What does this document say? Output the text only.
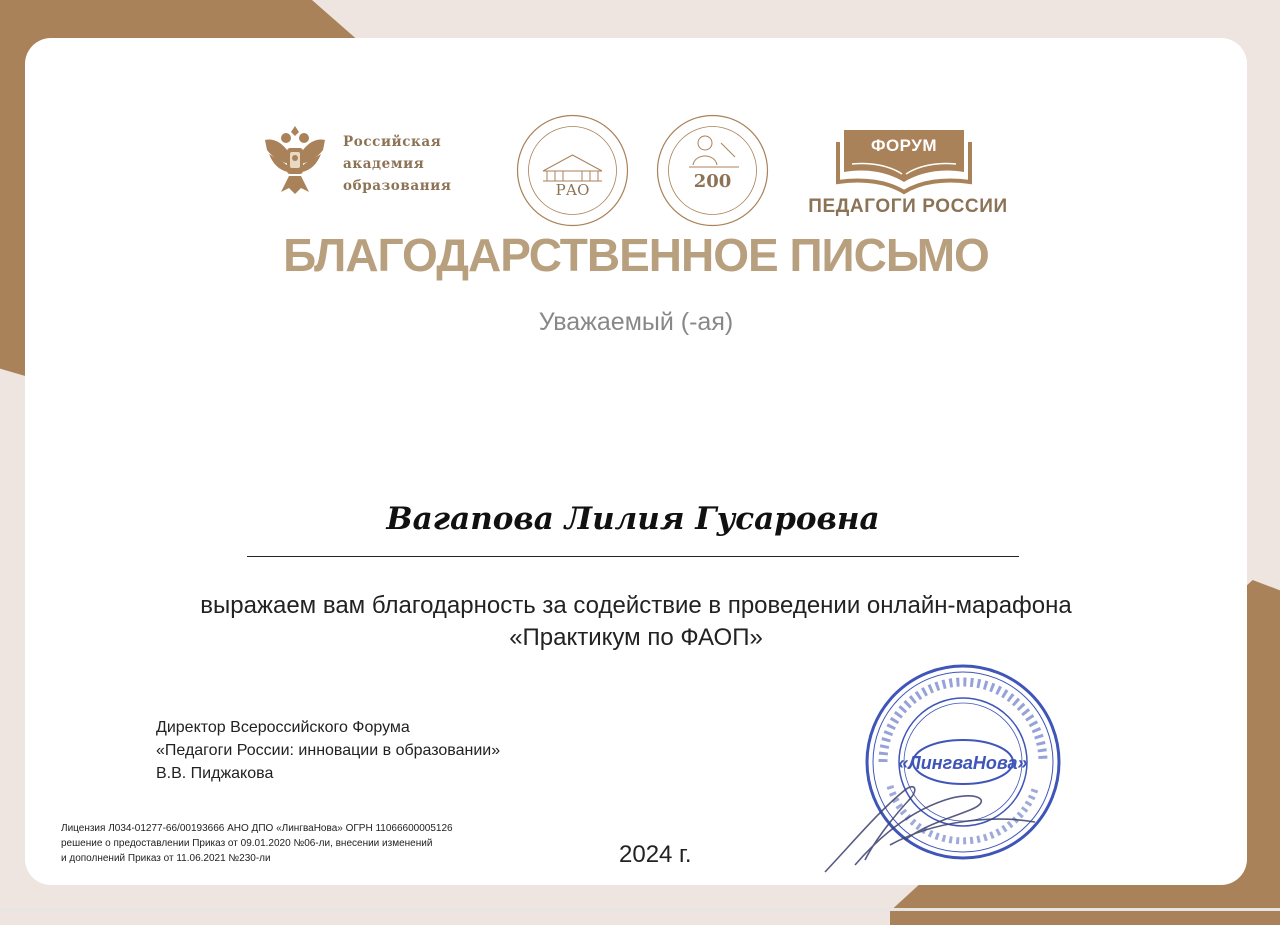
Российская
академия
образования	РАО	200
ФОРУМ
ПЕДАГОГИ РОССИИ
БЛАГОДАРСТВЕННОЕ ПИСЬМО
Уважаемый (-ая)
Вагапова Лилия Гусаровна
выражаем вам благодарность за содействие в проведении онлайн-марафона
«Практикум по ФАОП»
Директор Всероссийского Форума
«Педагоги России: инновации в образовании»
В.В. Пиджакова
Лицензия Л034-01277-66/00193666 АНО ДПО «ЛингваНова» ОГРН 11066600005126
решение о предоставлении Приказ от 09.01.2020 №06-ли, внесении изменений
и дополнений Приказ от 11.06.2021 №230-ли	2024 г.
«ЛингваНова»
